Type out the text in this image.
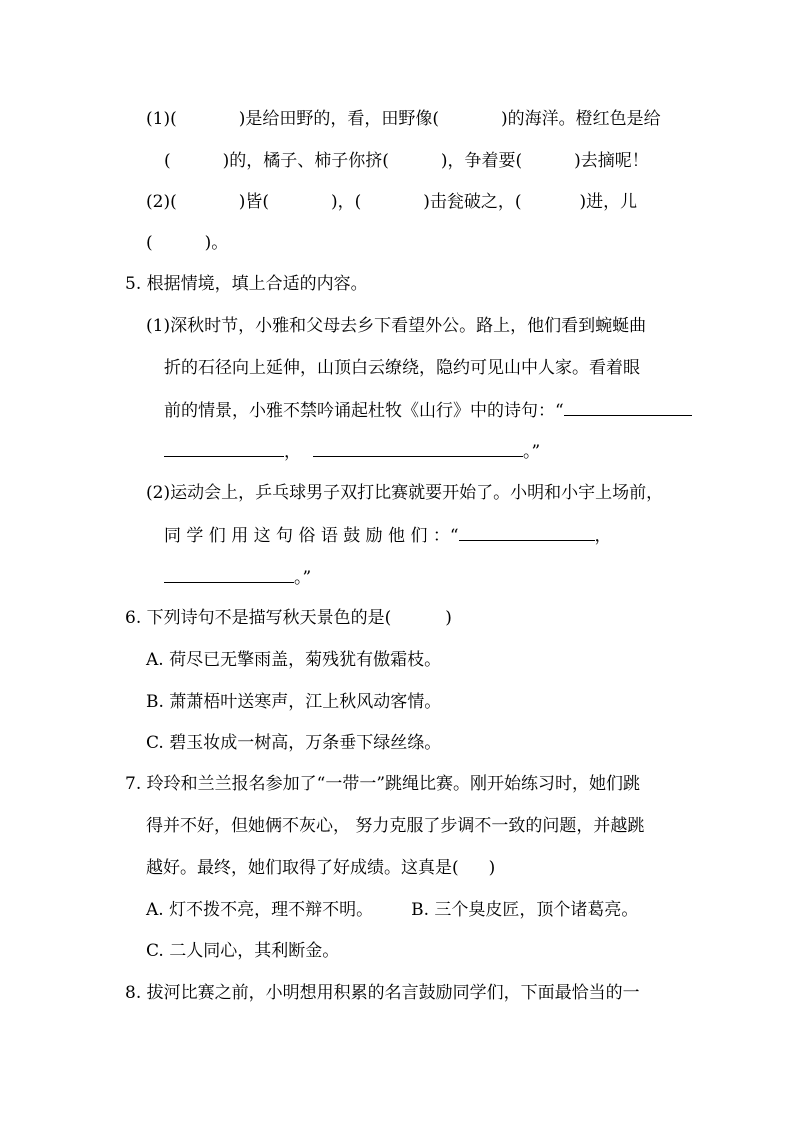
(1)(	)是给田野的，看，田野像(	)的海洋。橙红色是给
(	)的，橘子、柿子你挤(	)，争着要(	)去摘呢！
(2)(	)皆(	)，(	)击瓮破之，(	)进，儿
(	)。
5. 根据情境，填上合适的内容。
(1)深秋时节，小雅和父母去乡下看望外公。路上，他们看到蜿蜒曲
折的石径向上延伸，山顶白云缭绕，隐约可见山中人家。看着眼
前的情景，小雅不禁吟诵起杜牧《山行》中的诗句：“
，	。”
(2)运动会上，乒乓球男子双打比赛就要开始了。小明和小宇上场前，
同 学 们 用 这 句 俗 语 鼓 励 他 们 ：“	，
。”
6. 下列诗句不是描写秋天景色的是(	)
A. 荷尽已无擎雨盖，菊残犹有傲霜枝。
B. 萧萧梧叶送寒声，江上秋风动客情。
C. 碧玉妆成一树高，万条垂下绿丝绦。
7. 玲玲和兰兰报名参加了“一带一”跳绳比赛。刚开始练习时，她们跳
得并不好，但她俩不灰心， 努力克服了步调不一致的问题，并越跳
越好。最终，她们取得了好成绩。这真是( )
A. 灯不拨不亮，理不辩不明。 B. 三个臭皮匠，顶个诸葛亮。
C. 二人同心，其利断金。
8. 拔河比赛之前，小明想用积累的名言鼓励同学们，下面最恰当的一
